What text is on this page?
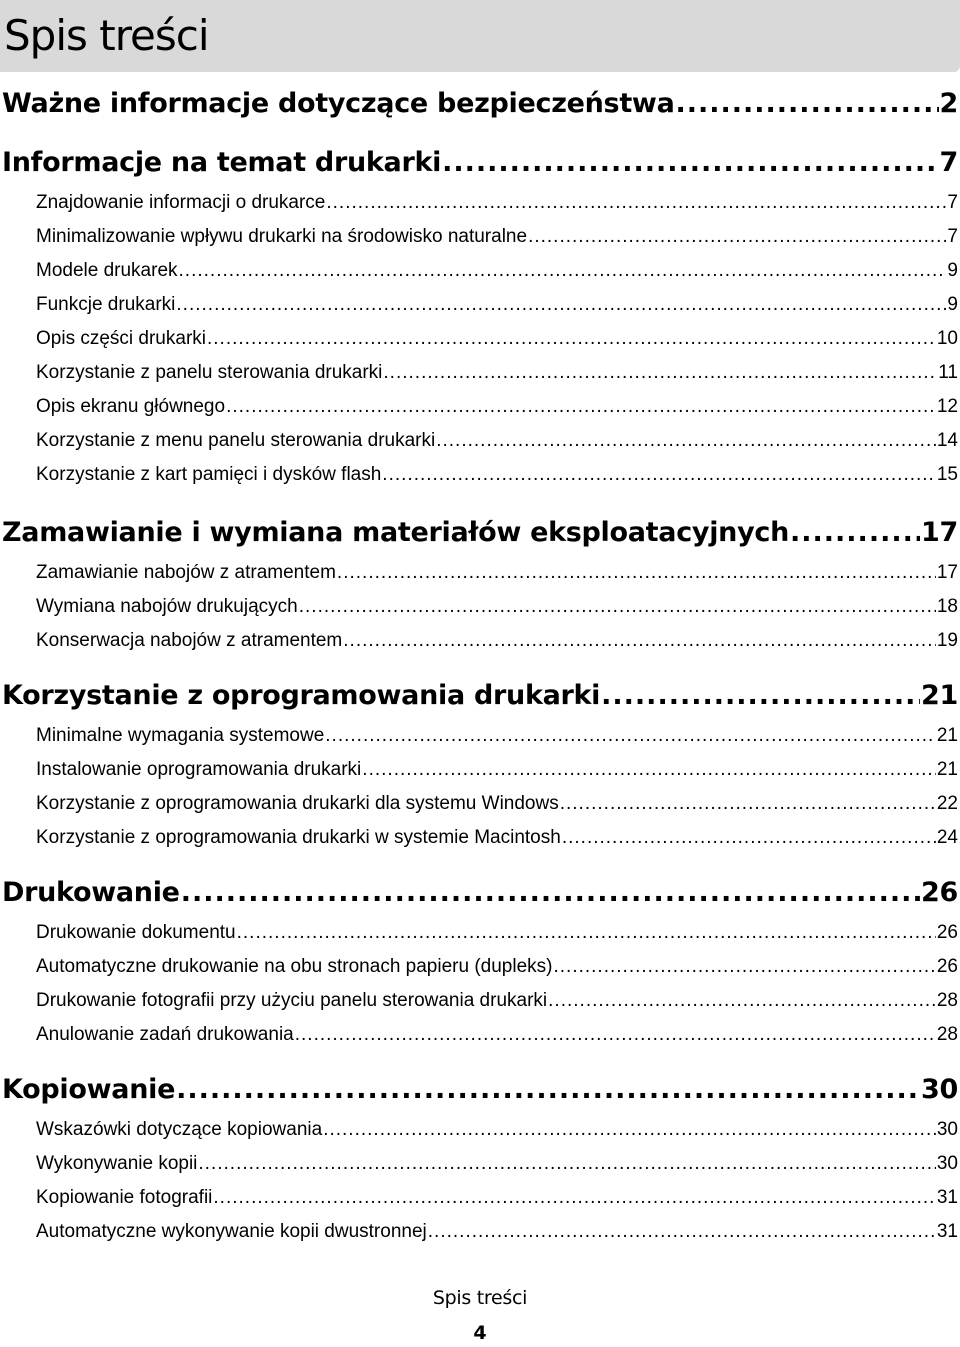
Spis treści
Ważne informacje dotyczące bezpieczeństwa .....	2
Informacje na temat drukarki .....	7
Znajdowanie informacji o drukarce .....	7
Minimalizowanie wpływu drukarki na środowisko naturalne .....	7
Modele drukarek .....	9
Funkcje drukarki .....	9
Opis części drukarki .....	10
Korzystanie z panelu sterowania drukarki .....	11
Opis ekranu głównego .....	12
Korzystanie z menu panelu sterowania drukarki .....	14
Korzystanie z kart pamięci i dysków flash .....	15
Zamawianie i wymiana materiałów eksploatacyjnych .....	17
Zamawianie nabojów z atramentem .....	17
Wymiana nabojów drukujących .....	18
Konserwacja nabojów z atramentem .....	19
Korzystanie z oprogramowania drukarki .....	21
Minimalne wymagania systemowe .....	21
Instalowanie oprogramowania drukarki .....	21
Korzystanie z oprogramowania drukarki dla systemu Windows .....	22
Korzystanie z oprogramowania drukarki w systemie Macintosh .....	24
Drukowanie .....	26
Drukowanie dokumentu .....	26
Automatyczne drukowanie na obu stronach papieru (dupleks) .....	26
Drukowanie fotografii przy użyciu panelu sterowania drukarki .....	28
Anulowanie zadań drukowania .....	28
Kopiowanie .....	30
Wskazówki dotyczące kopiowania .....	30
Wykonywanie kopii .....	30
Kopiowanie fotografii .....	31
Automatyczne wykonywanie kopii dwustronnej .....	31
Spis treści
4
